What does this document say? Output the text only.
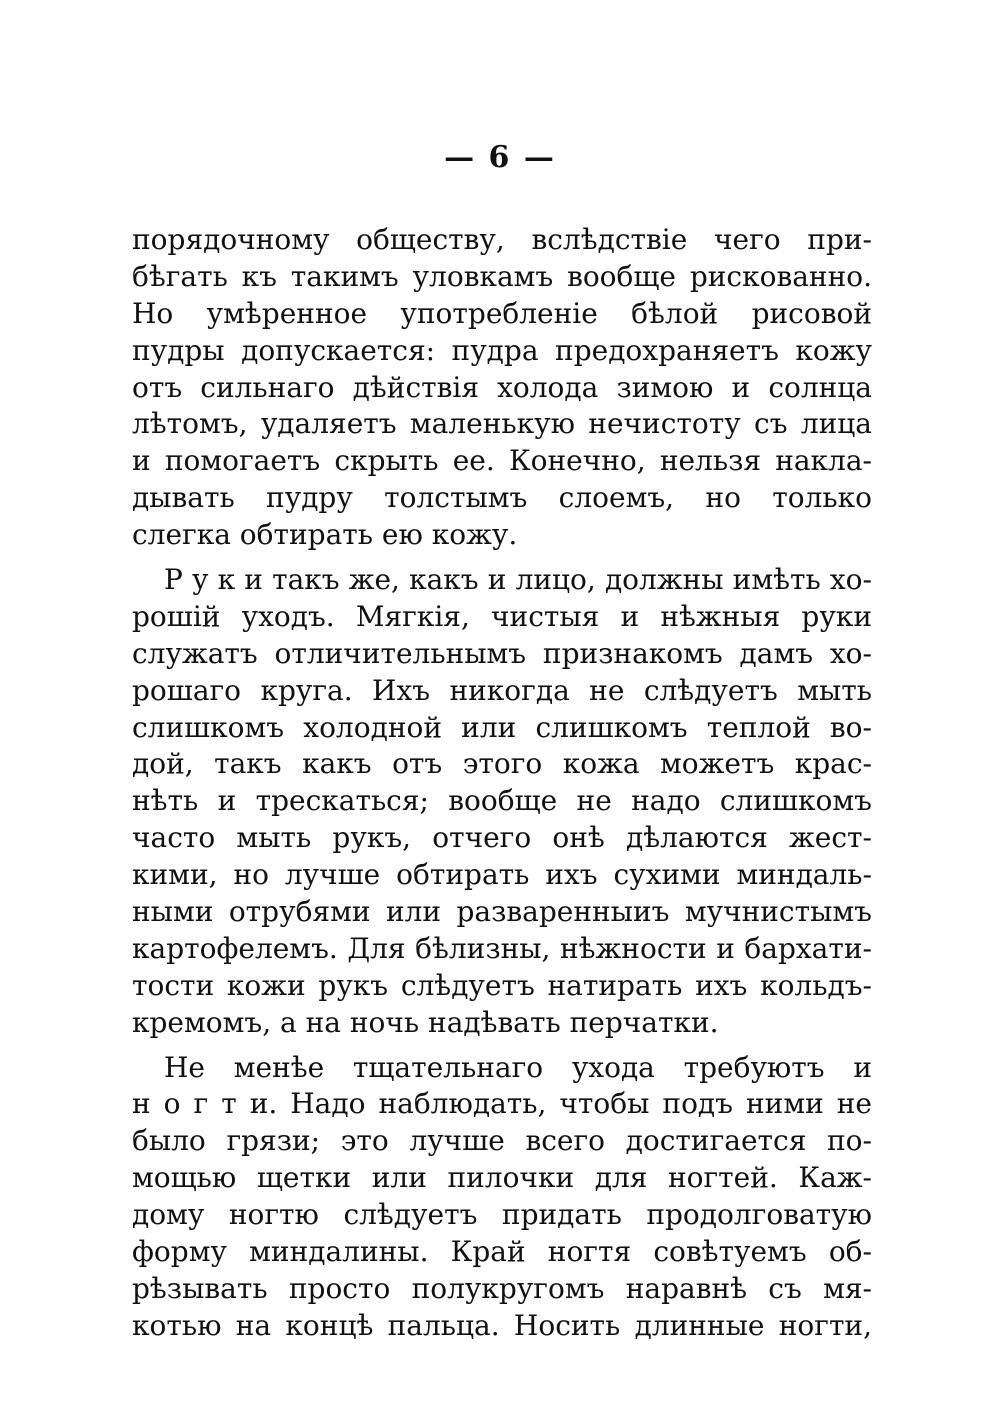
— 6 —
порядочному обществу, вслѣдствіе чего при-
бѣгать къ такимъ уловкамъ вообще рискованно.
Но умѣренное употребленіе бѣлой рисовой
пудры допускается: пудра предохраняетъ кожу
отъ сильнаго дѣйствія холода зимою и солнца
лѣтомъ, удаляетъ маленькую нечистоту съ лица
и помогаетъ скрыть ее. Конечно, нельзя накла-
дывать пудру толстымъ слоемъ, но только
слегка обтирать ею кожу.
Р у к и такъ же, какъ и лицо, должны имѣть хо-
рошій уходъ. Мягкія, чистыя и нѣжныя руки
служатъ отличительнымъ признакомъ дамъ хо-
рошаго круга. Ихъ никогда не слѣдуетъ мыть
слишкомъ холодной или слишкомъ теплой во-
дой, такъ какъ отъ этого кожа можетъ крас-
нѣть и трескаться; вообще не надо слишкомъ
часто мыть рукъ, отчего онѣ дѣлаются жест-
кими, но лучше обтирать ихъ сухими миндаль-
ными отрубями или разваренныиъ мучнистымъ
картофелемъ. Для бѣлизны, нѣжности и бархати-
тости кожи рукъ слѣдуетъ натирать ихъ кольдъ-
кремомъ, а на ночь надѣвать перчатки.
Не менѣе тщательнаго ухода требуютъ и
н о г т и. Надо наблюдать, чтобы подъ ними не
было грязи; это лучше всего достигается по-
мощью щетки или пилочки для ногтей. Каж-
дому ногтю слѣдуетъ придать продолговатую
форму миндалины. Край ногтя совѣтуемъ об-
рѣзывать просто полукругомъ наравнѣ съ мя-
котью на концѣ пальца. Носить длинные ногти,
